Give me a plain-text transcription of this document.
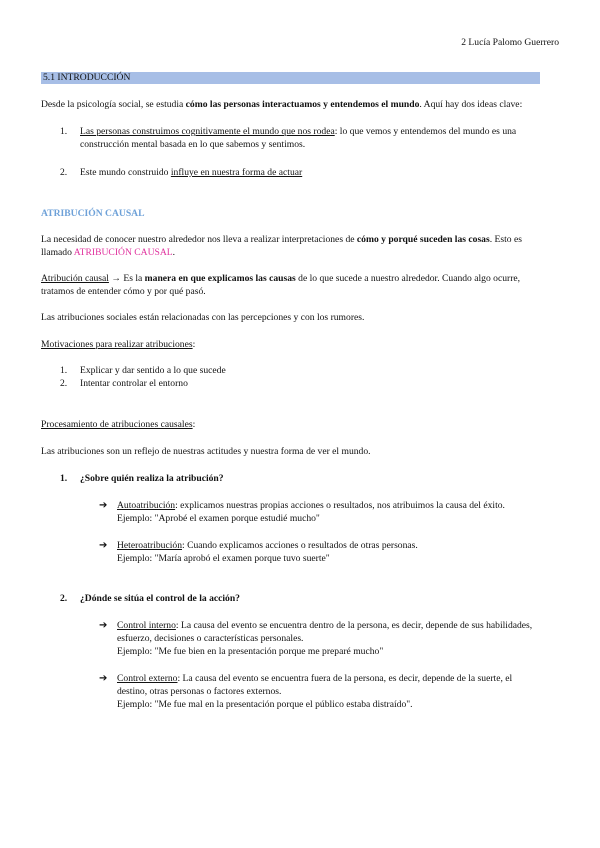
2 Lucía Palomo Guerrero
5.1 INTRODUCCIÓN
Desde la psicología social, se estudia cómo las personas interactuamos y entendemos el mundo. Aquí hay dos ideas clave:
1. Las personas construimos cognitivamente el mundo que nos rodea: lo que vemos y entendemos del mundo es una
construcción mental basada en lo que sabemos y sentimos.
2. Este mundo construido influye en nuestra forma de actuar
ATRIBUCIÓN CAUSAL
La necesidad de conocer nuestro alrededor nos lleva a realizar interpretaciones de cómo y porqué suceden las cosas. Esto es
llamado ATRIBUCIÓN CAUSAL.
Atribución causal → Es la manera en que explicamos las causas de lo que sucede a nuestro alrededor. Cuando algo ocurre,
tratamos de entender cómo y por qué pasó.
Las atribuciones sociales están relacionadas con las percepciones y con los rumores.
Motivaciones para realizar atribuciones:
1. Explicar y dar sentido a lo que sucede
2. Intentar controlar el entorno
Procesamiento de atribuciones causales:
Las atribuciones son un reflejo de nuestras actitudes y nuestra forma de ver el mundo.
1. ¿Sobre quién realiza la atribución?
➔ Autoatribución: explicamos nuestras propias acciones o resultados, nos atribuimos la causa del éxito.
Ejemplo: "Aprobé el examen porque estudié mucho"
➔ Heteroatribución: Cuando explicamos acciones o resultados de otras personas.
Ejemplo: "María aprobó el examen porque tuvo suerte"
2. ¿Dónde se sitúa el control de la acción?
➔ Control interno: La causa del evento se encuentra dentro de la persona, es decir, depende de sus habilidades,
esfuerzo, decisiones o características personales.
Ejemplo: "Me fue bien en la presentación porque me preparé mucho"
➔ Control externo: La causa del evento se encuentra fuera de la persona, es decir, depende de la suerte, el
destino, otras personas o factores externos.
Ejemplo: "Me fue mal en la presentación porque el público estaba distraído".
